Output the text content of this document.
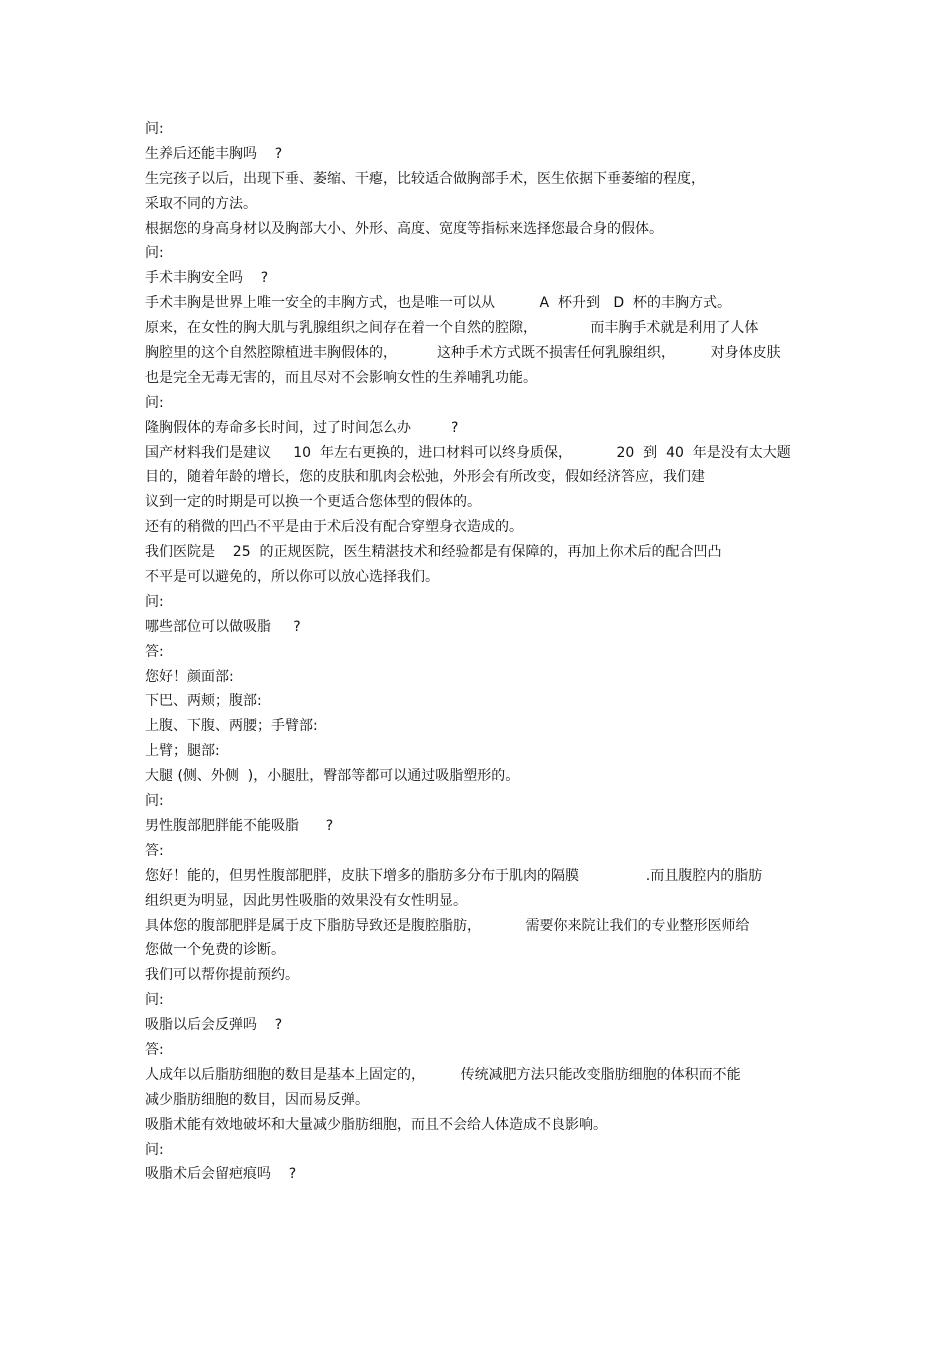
问:
生养后还能丰胸吗    ?
生完孩子以后，出现下垂、萎缩、干瘪，比较适合做胸部手术，医生依据下垂萎缩的程度，
采取不同的方法。
根据您的身高身材以及胸部大小、外形、高度、宽度等指标来选择您最合身的假体。
问:
手术丰胸安全吗    ?
手术丰胸是世界上唯一安全的丰胸方式，也是唯一可以从          A  杯升到   D  杯的丰胸方式。
原来，在女性的胸大肌与乳腺组织之间存在着一个自然的腔隙，            而丰胸手术就是利用了人体
胸腔里的这个自然腔隙植进丰胸假体的，         这种手术方式既不损害任何乳腺组织，        对身体皮肤
也是完全无毒无害的，而且尽对不会影响女性的生养哺乳功能。
问:
隆胸假体的寿命多长时间，过了时间怎么办         ?
国产材料我们是建议     10  年左右更换的，进口材料可以终身质保，          20  到  40  年是没有太大题
目的，随着年龄的增长，您的皮肤和肌肉会松弛，外形会有所改变，假如经济答应，我们建
议到一定的时期是可以换一个更适合您体型的假体的。
还有的稍微的凹凸不平是由于术后没有配合穿塑身衣造成的。
我们医院是    25  的正规医院，医生精湛技术和经验都是有保障的，再加上你术后的配合凹凸
不平是可以避免的，所以你可以放心选择我们。
问:
哪些部位可以做吸脂     ?
答:
您好！颜面部:
下巴、两颊；腹部:
上腹、下腹、两腰；手臂部:
上臂；腿部:
大腿 (侧、外侧  )，小腿肚，臀部等都可以通过吸脂塑形的。
问:
男性腹部肥胖能不能吸脂      ?
答:
您好！能的，但男性腹部肥胖，皮肤下增多的脂肪多分布于肌肉的隔膜               .而且腹腔内的脂肪
组织更为明显，因此男性吸脂的效果没有女性明显。
具体您的腹部肥胖是属于皮下脂肪导致还是腹腔脂肪，          需要你来院让我们的专业整形医师给
您做一个免费的诊断。
我们可以帮你提前预约。
问:
吸脂以后会反弹吗    ?
答:
人成年以后脂肪细胞的数目是基本上固定的，        传统减肥方法只能改变脂肪细胞的体积而不能
减少脂肪细胞的数目，因而易反弹。
吸脂术能有效地破坏和大量减少脂肪细胞，而且不会给人体造成不良影响。
问:
吸脂术后会留疤痕吗    ?
